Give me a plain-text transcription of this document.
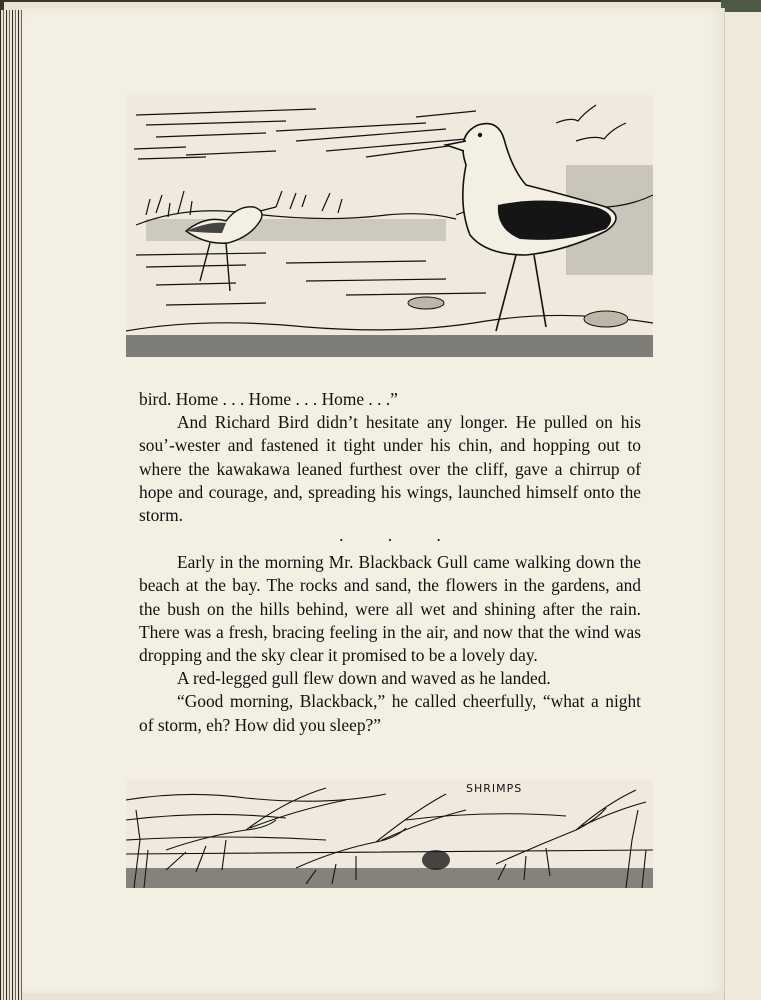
bird. Home . . . Home . . . Home . . .”

And Richard Bird didn’t hesitate any longer. He pulled on his sou’-wester and fastened it tight under his chin, and hopping out to where the kawakawa leaned furthest over the cliff, gave a chirrup of hope and courage, and, spreading his wings, launched himself onto the storm.

. . .

Early in the morning Mr. Blackback Gull came walking down the beach at the bay. The rocks and sand, the flowers in the gardens, and the bush on the hills behind, were all wet and shining after the rain. There was a fresh, bracing feeling in the air, and now that the wind was dropping and the sky clear it promised to be a lovely day.

A red-legged gull flew down and waved as he landed.

“Good morning, Blackback,” he called cheerfully, “what a night of storm, eh? How did you sleep?”

SHRIMPS
